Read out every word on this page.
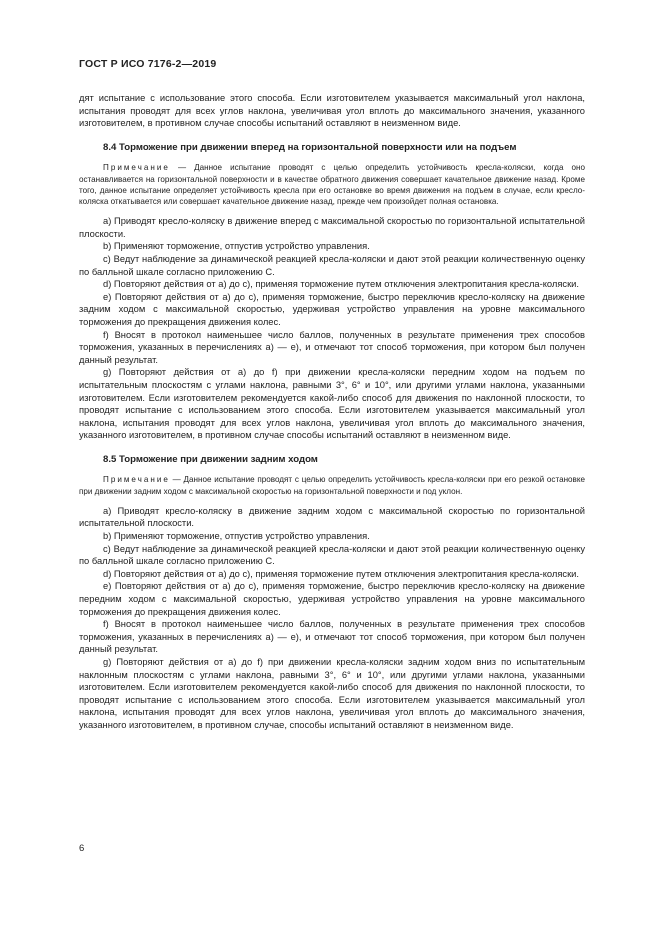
ГОСТ Р ИСО 7176-2—2019

дят испытание с использование этого способа. Если изготовителем указывается максимальный угол наклона, испытания проводят для всех углов наклона, увеличивая угол вплоть до максимального значения, указанного изготовителем, в противном случае способы испытаний оставляют в неизменном виде.

8.4 Торможение при движении вперед на горизонтальной поверхности или на подъем

Примечание — Данное испытание проводят с целью определить устойчивость кресла-коляски, когда оно останавливается на горизонтальной поверхности и в качестве обратного движения совершает качательное движение назад. Кроме того, данное испытание определяет устойчивость кресла при его остановке во время движения на подъем в случае, если кресло-коляска откатывается или совершает качательное движение назад, прежде чем произойдет полная остановка.

a) Приводят кресло-коляску в движение вперед с максимальной скоростью по горизонтальной испытательной плоскости.

b) Применяют торможение, отпустив устройство управления.

c) Ведут наблюдение за динамической реакцией кресла-коляски и дают этой реакции количественную оценку по балльной шкале согласно приложению С.

d) Повторяют действия от a) до c), применяя торможение путем отключения электропитания кресла-коляски.

e) Повторяют действия от a) до c), применяя торможение, быстро переключив кресло-коляску на движение задним ходом с максимальной скоростью, удерживая устройство управления на уровне максимального торможения до прекращения движения колес.

f) Вносят в протокол наименьшее число баллов, полученных в результате применения трех способов торможения, указанных в перечислениях a) — e), и отмечают тот способ торможения, при котором был получен данный результат.

g) Повторяют действия от a) до f) при движении кресла-коляски передним ходом на подъем по испытательным плоскостям с углами наклона, равными 3°, 6° и 10°, или другими углами наклона, указанными изготовителем. Если изготовителем рекомендуется какой-либо способ для движения по наклонной плоскости, то проводят испытание с использованием этого способа. Если изготовителем указывается максимальный угол наклона, испытания проводят для всех углов наклона, увеличивая угол вплоть до максимального значения, указанного изготовителем, в противном случае способы испытаний оставляют в неизменном виде.

8.5 Торможение при движении задним ходом

Примечание — Данное испытание проводят с целью определить устойчивость кресла-коляски при его резкой остановке при движении задним ходом с максимальной скоростью на горизонтальной поверхности и под уклон.

a) Приводят кресло-коляску в движение задним ходом с максимальной скоростью по горизонтальной испытательной плоскости.

b) Применяют торможение, отпустив устройство управления.

c) Ведут наблюдение за динамической реакцией кресла-коляски и дают этой реакции количественную оценку по балльной шкале согласно приложению С.

d) Повторяют действия от a) до c), применяя торможение путем отключения электропитания кресла-коляски.

e) Повторяют действия от a) до c), применяя торможение, быстро переключив кресло-коляску на движение передним ходом с максимальной скоростью, удерживая устройство управления на уровне максимального торможения до прекращения движения колес.

f) Вносят в протокол наименьшее число баллов, полученных в результате применения трех способов торможения, указанных в перечислениях a) — e), и отмечают тот способ торможения, при котором был получен данный результат.

g) Повторяют действия от a) до f) при движении кресла-коляски задним ходом вниз по испытательным наклонным плоскостям с углами наклона, равными 3°, 6° и 10°, или другими углами наклона, указанными изготовителем. Если изготовителем рекомендуется какой-либо способ для движения по наклонной плоскости, то проводят испытание с использованием этого способа. Если изготовителем указывается максимальный угол наклона, испытания проводят для всех углов наклона, увеличивая угол вплоть до максимального значения, указанного изготовителем, в противном случае, способы испытаний оставляют в неизменном виде.

6
